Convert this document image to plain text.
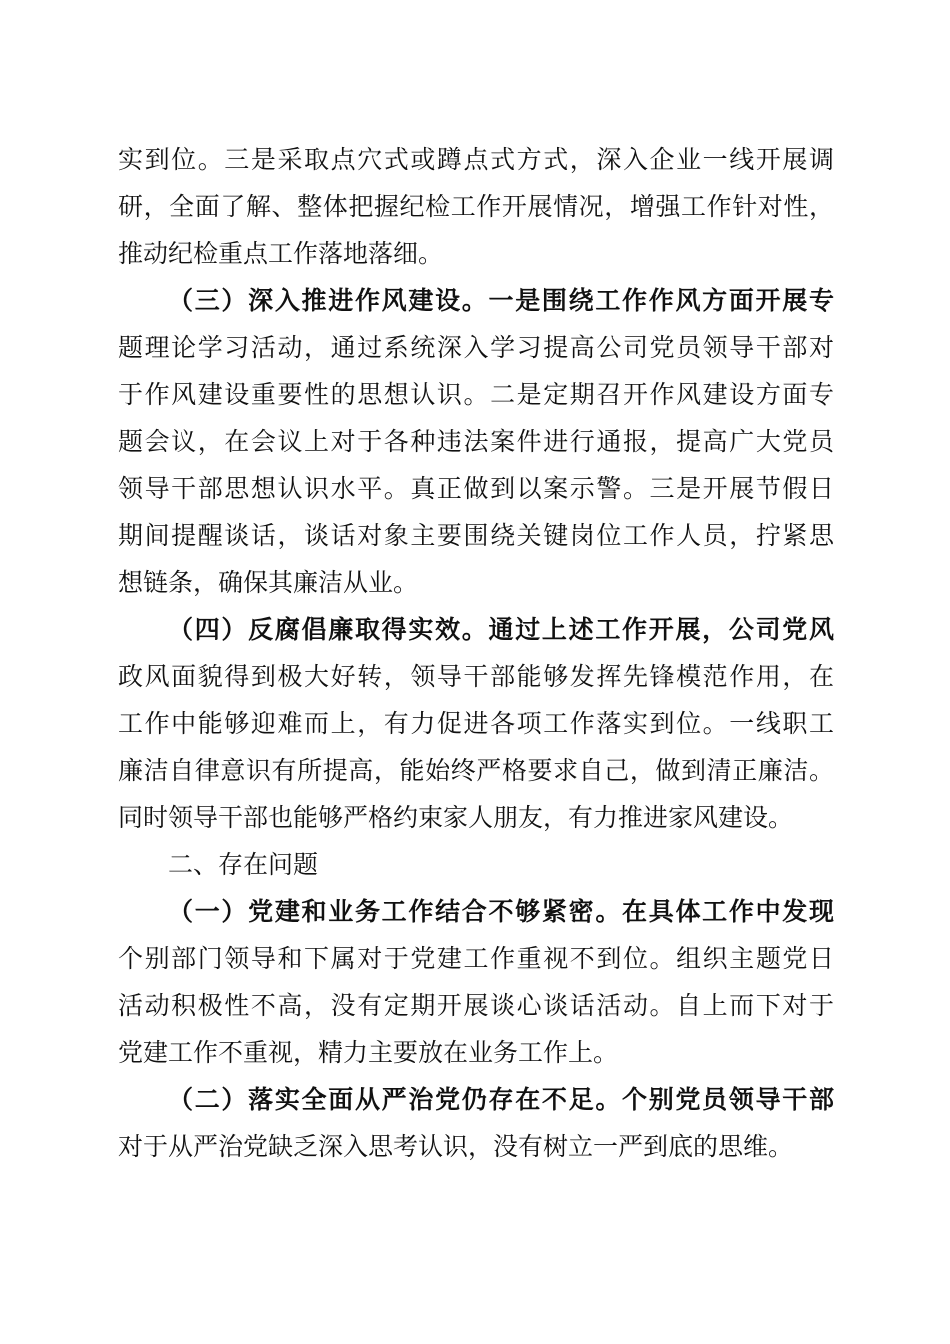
实到位。三是采取点穴式或蹲点式方式，深入企业一线开展调

研，全面了解、整体把握纪检工作开展情况，增强工作针对性，

推动纪检重点工作落地落细。

（三）深入推进作风建设。一是围绕工作作风方面开展专

题理论学习活动，通过系统深入学习提高公司党员领导干部对

于作风建设重要性的思想认识。二是定期召开作风建设方面专

题会议，在会议上对于各种违法案件进行通报，提高广大党员

领导干部思想认识水平。真正做到以案示警。三是开展节假日

期间提醒谈话，谈话对象主要围绕关键岗位工作人员，拧紧思

想链条，确保其廉洁从业。

（四）反腐倡廉取得实效。通过上述工作开展，公司党风

政风面貌得到极大好转，领导干部能够发挥先锋模范作用，在

工作中能够迎难而上，有力促进各项工作落实到位。一线职工

廉洁自律意识有所提高，能始终严格要求自己，做到清正廉洁。

同时领导干部也能够严格约束家人朋友，有力推进家风建设。

二、存在问题

（一）党建和业务工作结合不够紧密。在具体工作中发现

个别部门领导和下属对于党建工作重视不到位。组织主题党日

活动积极性不高，没有定期开展谈心谈话活动。自上而下对于

党建工作不重视，精力主要放在业务工作上。

（二）落实全面从严治党仍存在不足。个别党员领导干部

对于从严治党缺乏深入思考认识，没有树立一严到底的思维。
